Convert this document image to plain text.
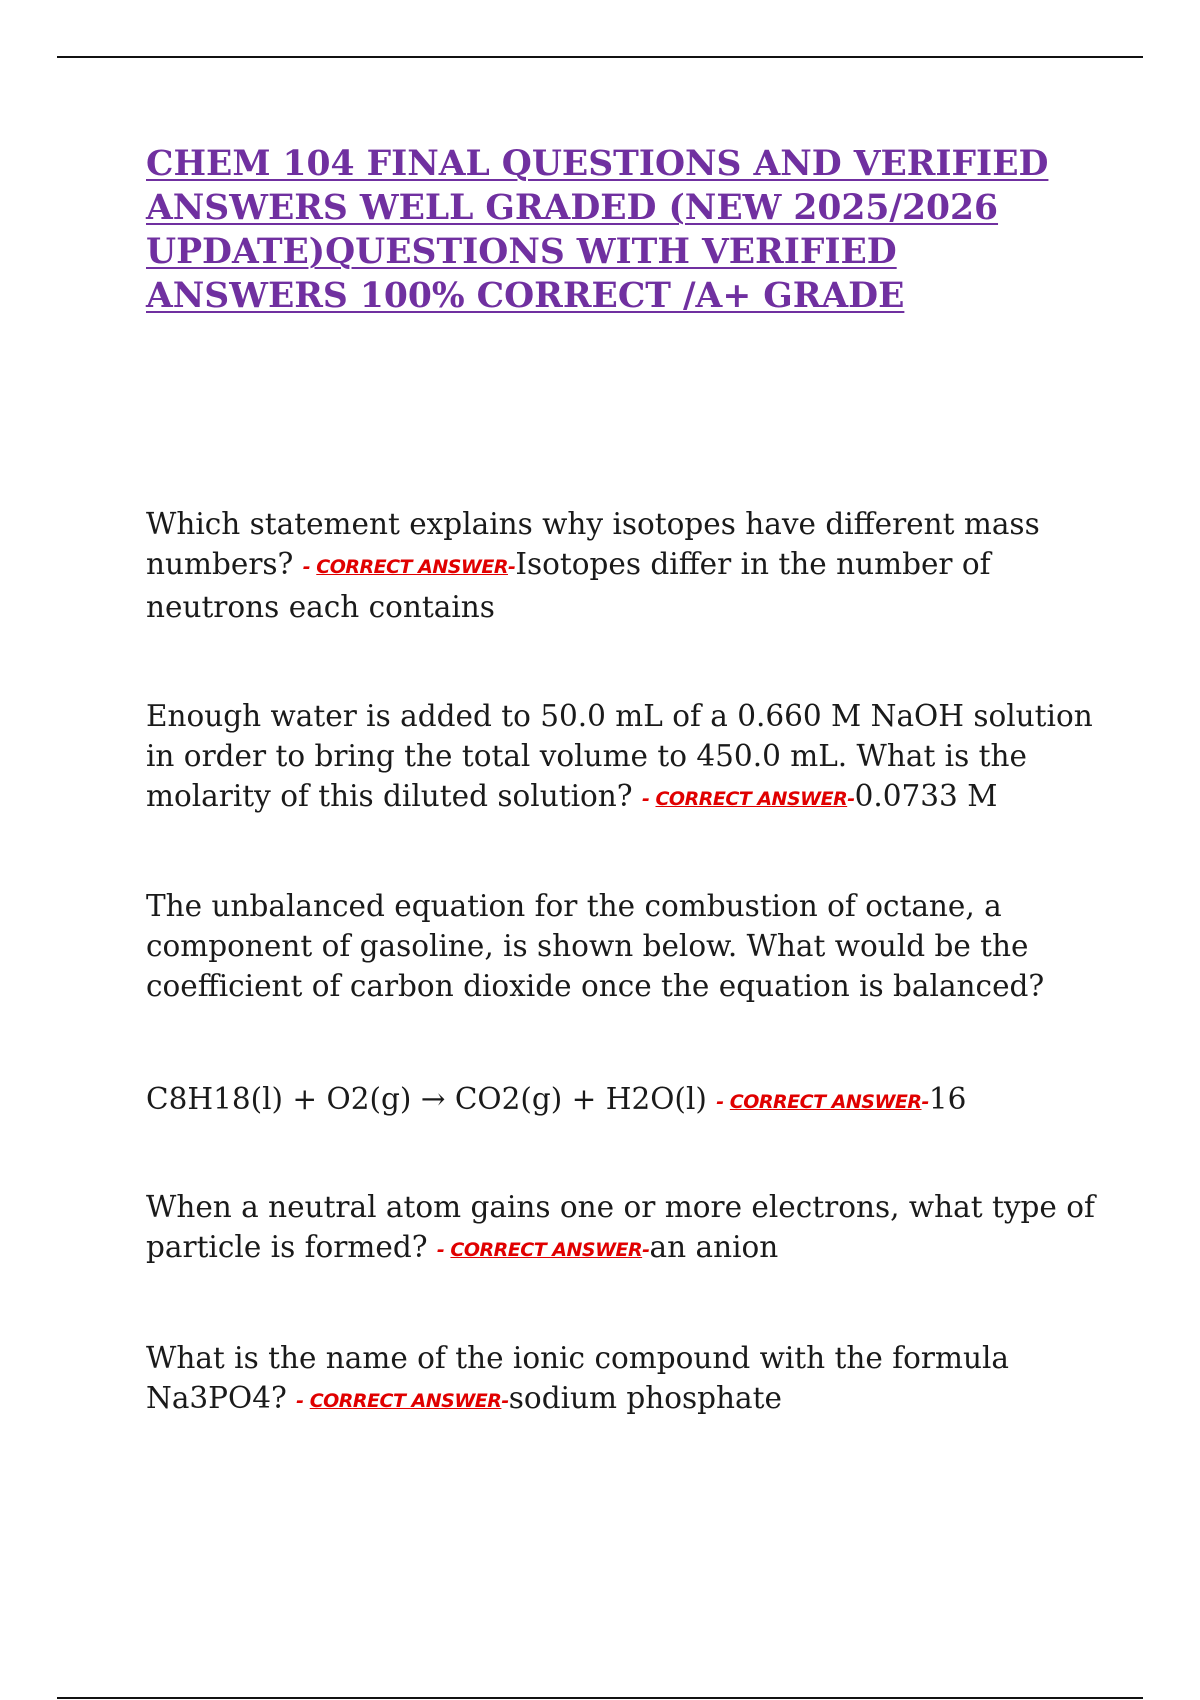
CHEM 104 FINAL QUESTIONS AND VERIFIED
ANSWERS WELL GRADED (NEW 2025/2026
UPDATE)QUESTIONS WITH VERIFIED
ANSWERS 100% CORRECT /A+ GRADE

Which statement explains why isotopes have different mass
numbers? - CORRECT ANSWER-Isotopes differ in the number of
neutrons each contains

Enough water is added to 50.0 mL of a 0.660 M NaOH solution
in order to bring the total volume to 450.0 mL. What is the
molarity of this diluted solution? - CORRECT ANSWER-0.0733 M

The unbalanced equation for the combustion of octane, a
component of gasoline, is shown below. What would be the
coefficient of carbon dioxide once the equation is balanced?

C8H18(l) + O2(g) → CO2(g) + H2O(l) - CORRECT ANSWER-16

When a neutral atom gains one or more electrons, what type of
particle is formed? - CORRECT ANSWER-an anion

What is the name of the ionic compound with the formula
Na3PO4? - CORRECT ANSWER-sodium phosphate
